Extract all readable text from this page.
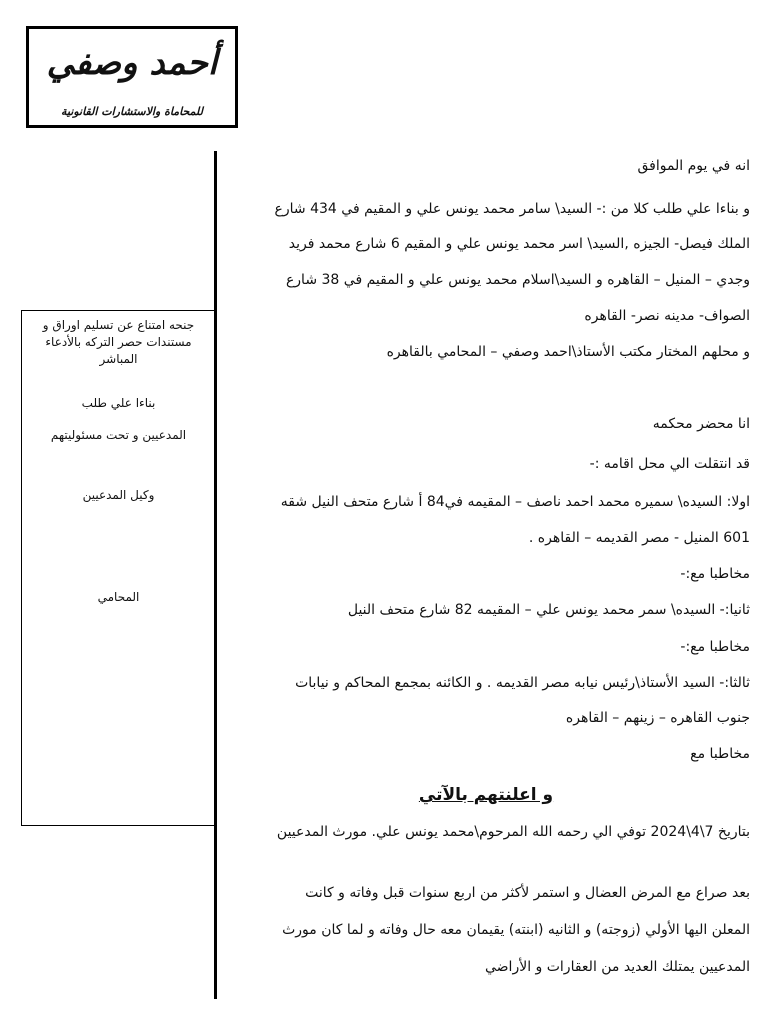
أحمد وصفي
للمحاماة والاستشارات القانونية
جنحه امتناع عن تسليم اوراق و مستندات حصر التركه بالأدعاء المباشر
بناءا علي طلب
المدعيين و تحت مسئوليتهم
وكيل المدعيين
المحامي
انه في يوم الموافق
و بناءا علي طلب كلا من :- السيد\ سامر محمد يونس علي و المقيم في 434 شارع
الملك فيصل- الجيزه ,السيد\ اسر محمد يونس علي و المقيم 6 شارع محمد فريد
وجدي – المنيل – القاهره و السيد\اسلام محمد يونس علي و المقيم في 38 شارع
الصواف- مدينه نصر- القاهره
و محلهم المختار مكتب الأستاذ\احمد وصفي – المحامي بالقاهره
انا محضر محكمه
قد انتقلت الي محل اقامه :-
اولا: السيده\ سميره محمد احمد ناصف – المقيمه في84 أ شارع متحف النيل شقه
601 المنيل - مصر القديمه – القاهره .
مخاطبا مع:-
ثانيا:- السيده\ سمر محمد يونس علي – المقيمه 82 شارع متحف النيل
مخاطبا مع:-
ثالثا:- السيد الأستاذ\رئيس نيابه مصر القديمه . و الكائنه بمجمع المحاكم و نيابات
جنوب القاهره – زينهم – القاهره
مخاطبا مع
و اعلنتهم بالآتي
بتاريخ 7\4\2024 توفي الي رحمه الله المرحوم\محمد يونس علي. مورث المدعيين
بعد صراع مع المرض العضال و استمر لأكثر من اربع سنوات قبل وفاته و كانت
المعلن اليها الأولي (زوجته) و الثانيه (ابنته) يقيمان معه حال وفاته و لما كان مورث
المدعيين يمتلك العديد من العقارات و الأراضي
